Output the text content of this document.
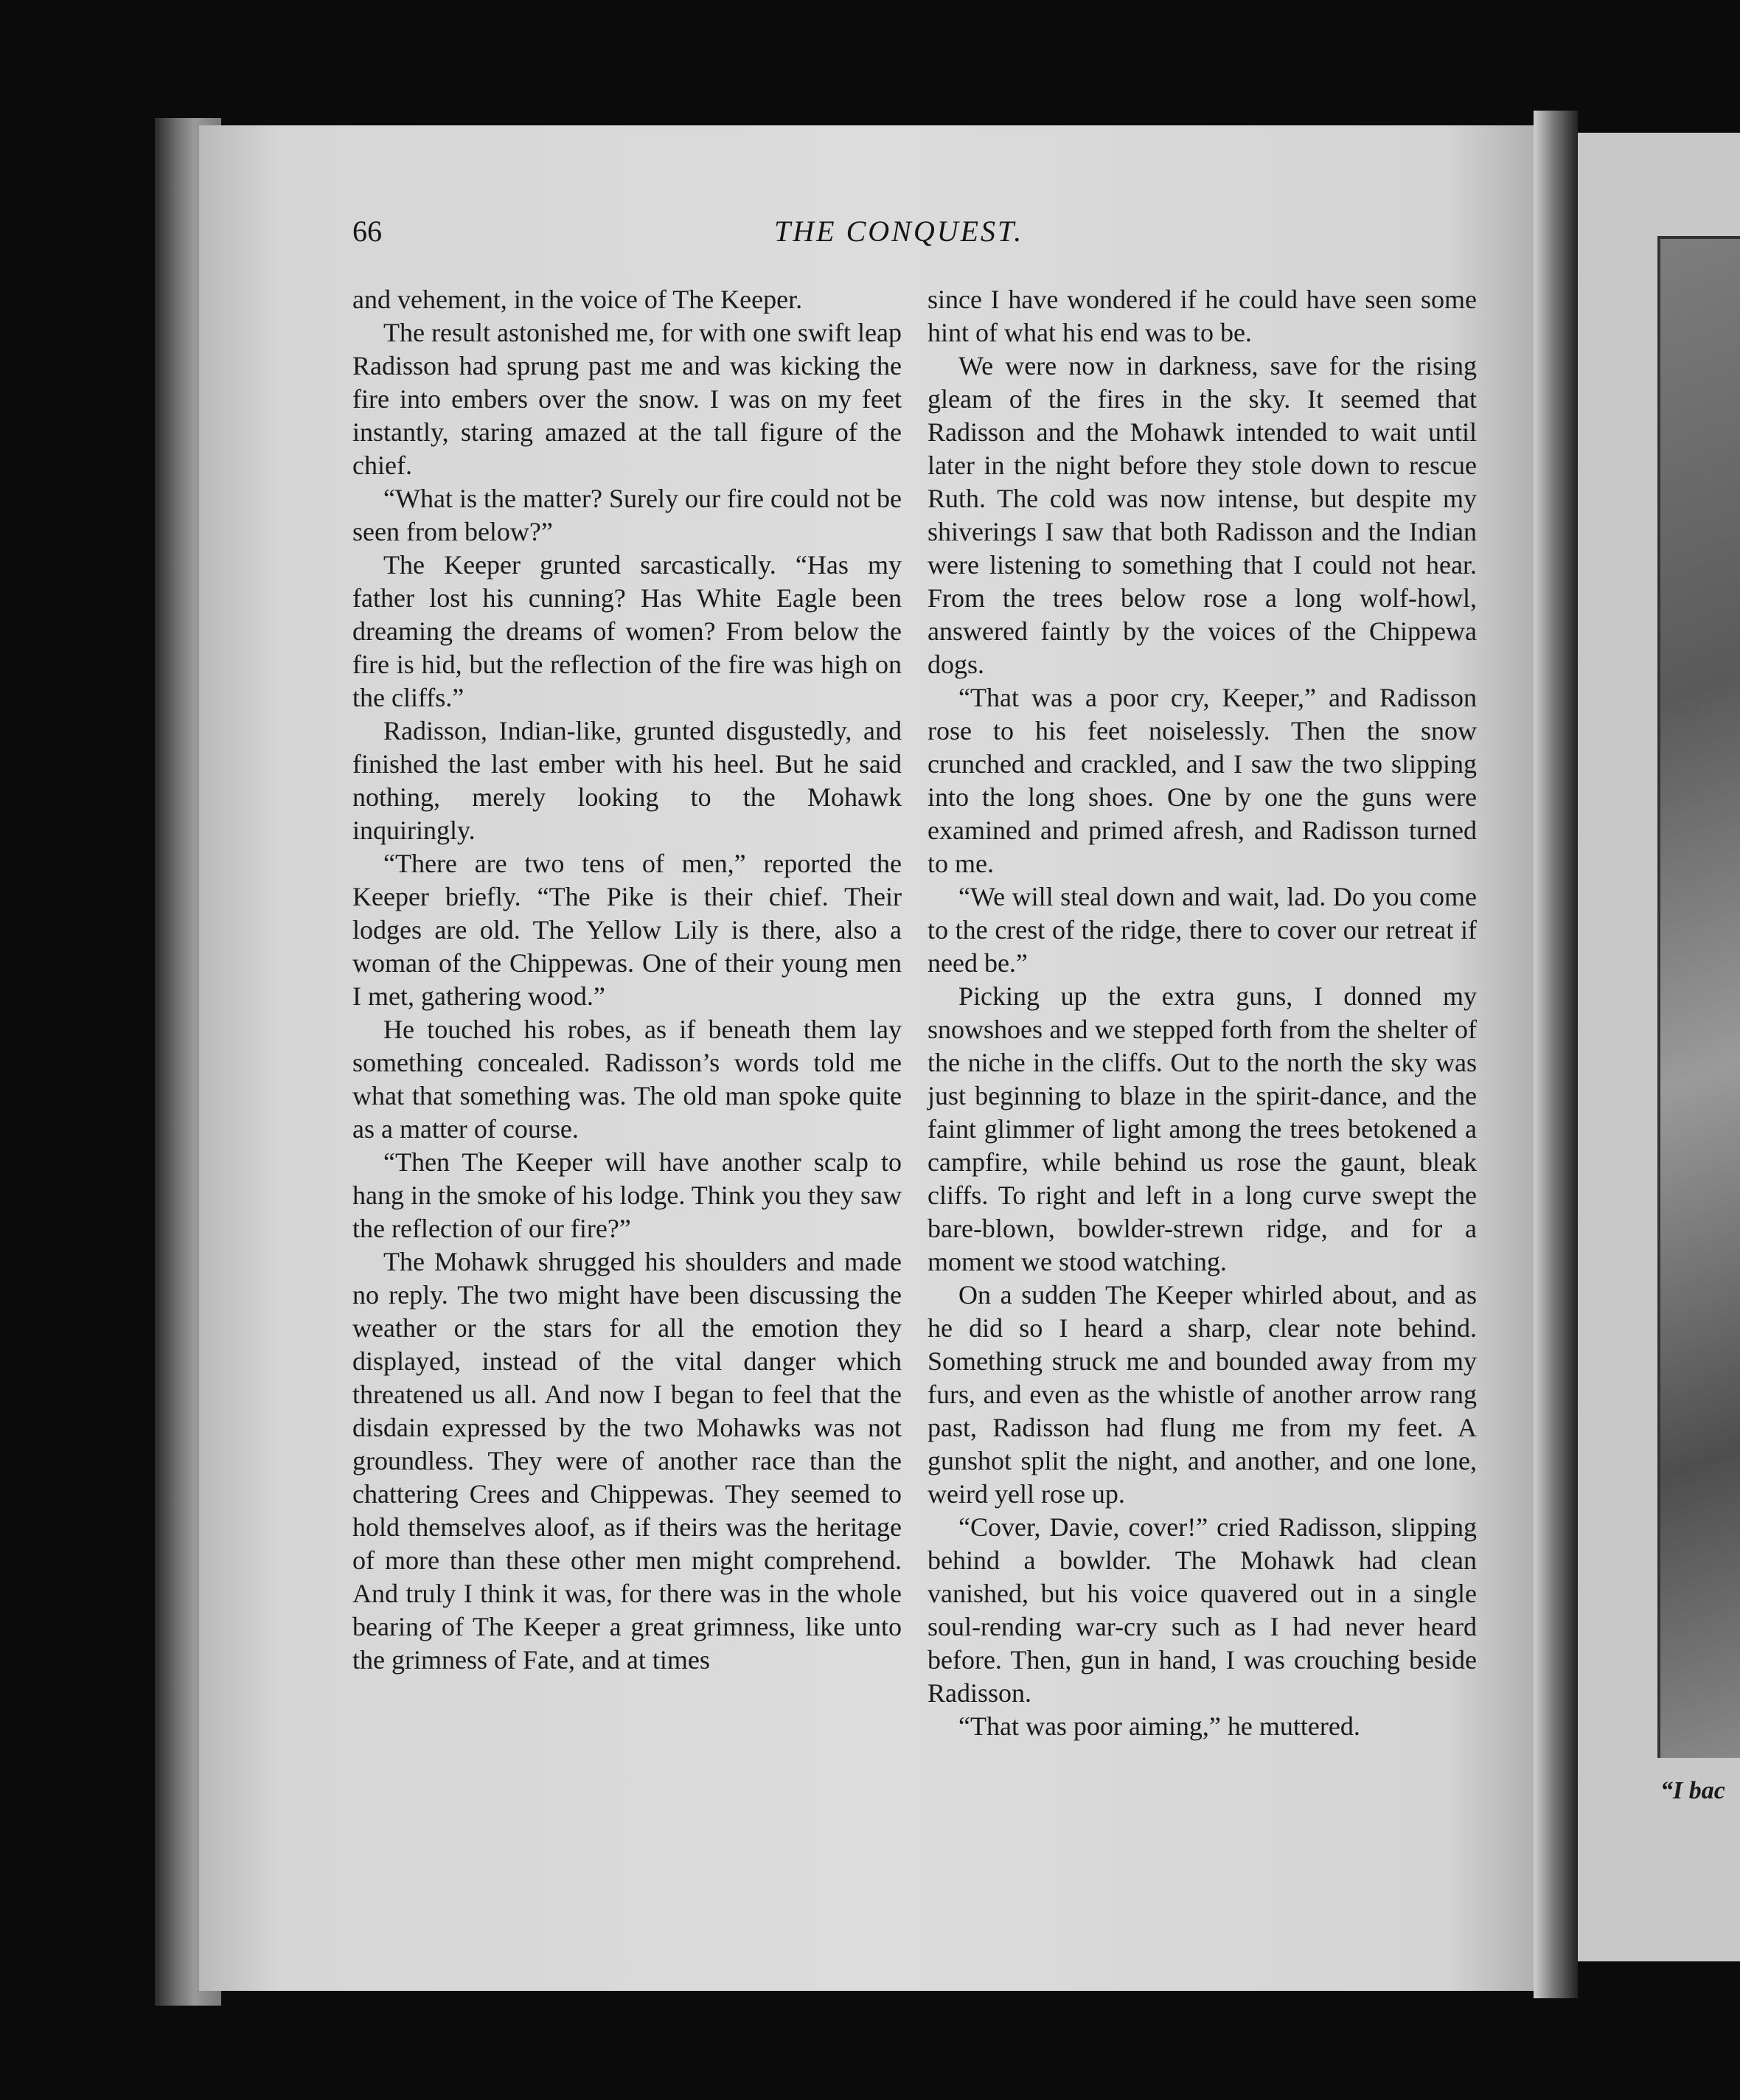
“I bac
66	THE CONQUEST.

and vehement, in the voice of The Keeper.

The result astonished me, for with one swift leap Radisson had sprung past me and was kicking the fire into embers over the snow. I was on my feet instantly, staring amazed at the tall figure of the chief.

“What is the matter? Surely our fire could not be seen from below?”

The Keeper grunted sarcastically. “Has my father lost his cunning? Has White Eagle been dreaming the dreams of women? From below the fire is hid, but the reflection of the fire was high on the cliffs.”

Radisson, Indian-like, grunted disgustedly, and finished the last ember with his heel. But he said nothing, merely looking to the Mohawk inquiringly.

“There are two tens of men,” reported the Keeper briefly. “The Pike is their chief. Their lodges are old. The Yellow Lily is there, also a woman of the Chippewas. One of their young men I met, gathering wood.”

He touched his robes, as if beneath them lay something concealed. Radisson’s words told me what that something was. The old man spoke quite as a matter of course.

“Then The Keeper will have another scalp to hang in the smoke of his lodge. Think you they saw the reflection of our fire?”

The Mohawk shrugged his shoulders and made no reply. The two might have been discussing the weather or the stars for all the emotion they displayed, instead of the vital danger which threatened us all. And now I began to feel that the disdain expressed by the two Mohawks was not groundless. They were of another race than the chattering Crees and Chippewas. They seemed to hold themselves aloof, as if theirs was the heritage of more than these other men might comprehend. And truly I think it was, for there was in the whole bearing of The Keeper a great grimness, like unto the grimness of Fate, and at times

since I have wondered if he could have seen some hint of what his end was to be.

We were now in darkness, save for the rising gleam of the fires in the sky. It seemed that Radisson and the Mohawk intended to wait until later in the night before they stole down to rescue Ruth. The cold was now intense, but despite my shiverings I saw that both Radisson and the Indian were listening to something that I could not hear. From the trees below rose a long wolf-howl, answered faintly by the voices of the Chippewa dogs.

“That was a poor cry, Keeper,” and Radisson rose to his feet noiselessly. Then the snow crunched and crackled, and I saw the two slipping into the long shoes. One by one the guns were examined and primed afresh, and Radisson turned to me.

“We will steal down and wait, lad. Do you come to the crest of the ridge, there to cover our retreat if need be.”

Picking up the extra guns, I donned my snowshoes and we stepped forth from the shelter of the niche in the cliffs. Out to the north the sky was just beginning to blaze in the spirit-dance, and the faint glimmer of light among the trees betokened a campfire, while behind us rose the gaunt, bleak cliffs. To right and left in a long curve swept the bare-blown, bowlder-strewn ridge, and for a moment we stood watching.

On a sudden The Keeper whirled about, and as he did so I heard a sharp, clear note behind. Something struck me and bounded away from my furs, and even as the whistle of another arrow rang past, Radisson had flung me from my feet. A gunshot split the night, and another, and one lone, weird yell rose up.

“Cover, Davie, cover!” cried Radisson, slipping behind a bowlder. The Mohawk had clean vanished, but his voice quavered out in a single soul-rending war-cry such as I had never heard before. Then, gun in hand, I was crouching beside Radisson.

“That was poor aiming,” he muttered.
